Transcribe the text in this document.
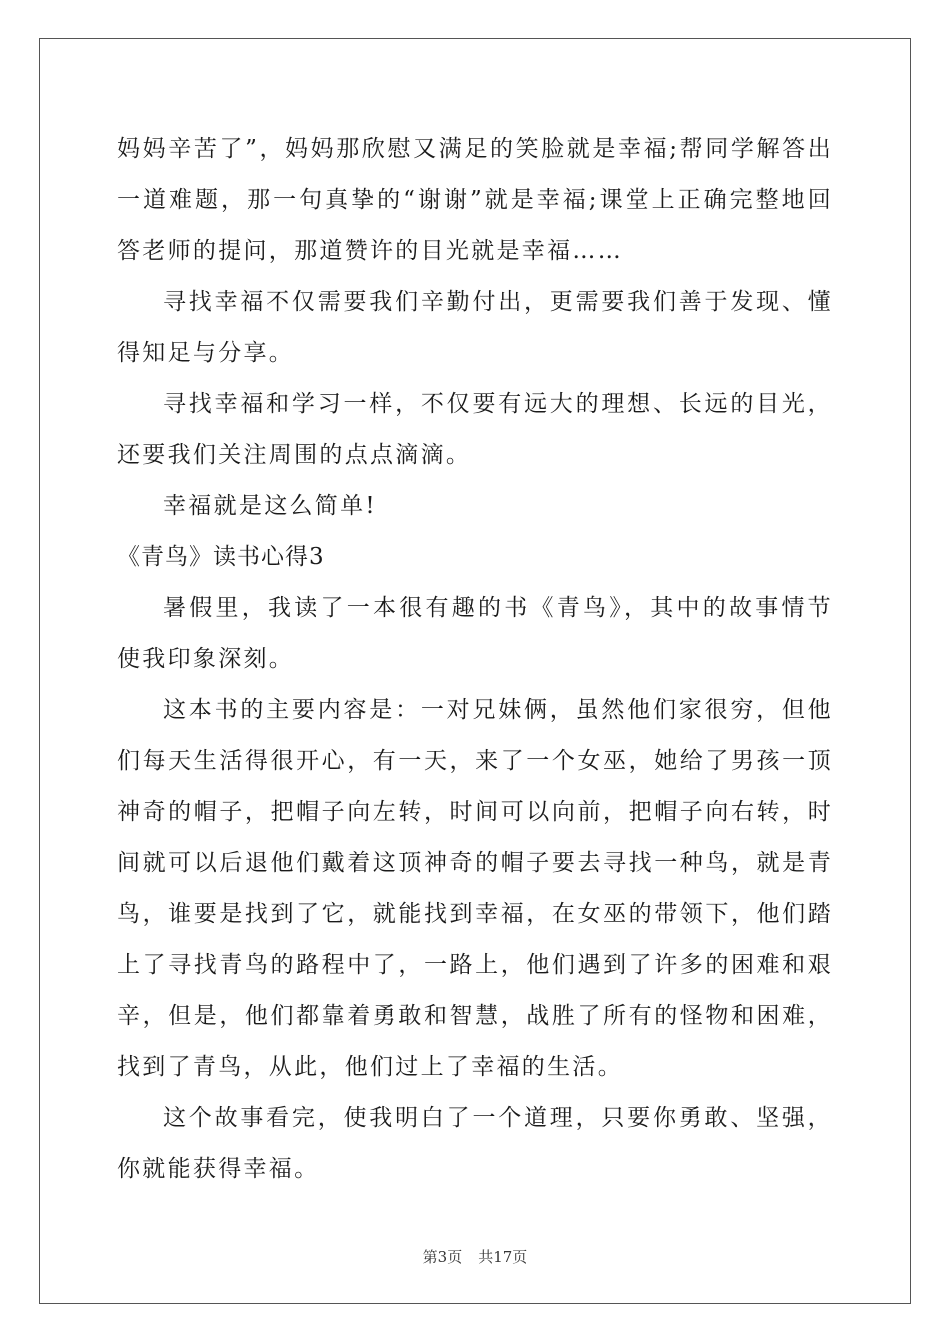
妈妈辛苦了”，妈妈那欣慰又满足的笑脸就是幸福;帮同学解答出一道难题，那一句真挚的“谢谢”就是幸福;课堂上正确完整地回答老师的提问，那道赞许的目光就是幸福……

寻找幸福不仅需要我们辛勤付出，更需要我们善于发现、懂得知足与分享。

寻找幸福和学习一样，不仅要有远大的理想、长远的目光，还要我们关注周围的点点滴滴。

幸福就是这么简单!

《青鸟》读书心得3

暑假里，我读了一本很有趣的书《青鸟》，其中的故事情节使我印象深刻。

这本书的主要内容是：一对兄妹俩，虽然他们家很穷，但他们每天生活得很开心，有一天，来了一个女巫，她给了男孩一顶神奇的帽子，把帽子向左转，时间可以向前，把帽子向右转，时间就可以后退他们戴着这顶神奇的帽子要去寻找一种鸟，就是青鸟，谁要是找到了它，就能找到幸福，在女巫的带领下，他们踏上了寻找青鸟的路程中了，一路上，他们遇到了许多的困难和艰辛，但是，他们都靠着勇敢和智慧，战胜了所有的怪物和困难，找到了青鸟，从此，他们过上了幸福的生活。

这个故事看完，使我明白了一个道理，只要你勇敢、坚强，你就能获得幸福。

第3页 共17页
